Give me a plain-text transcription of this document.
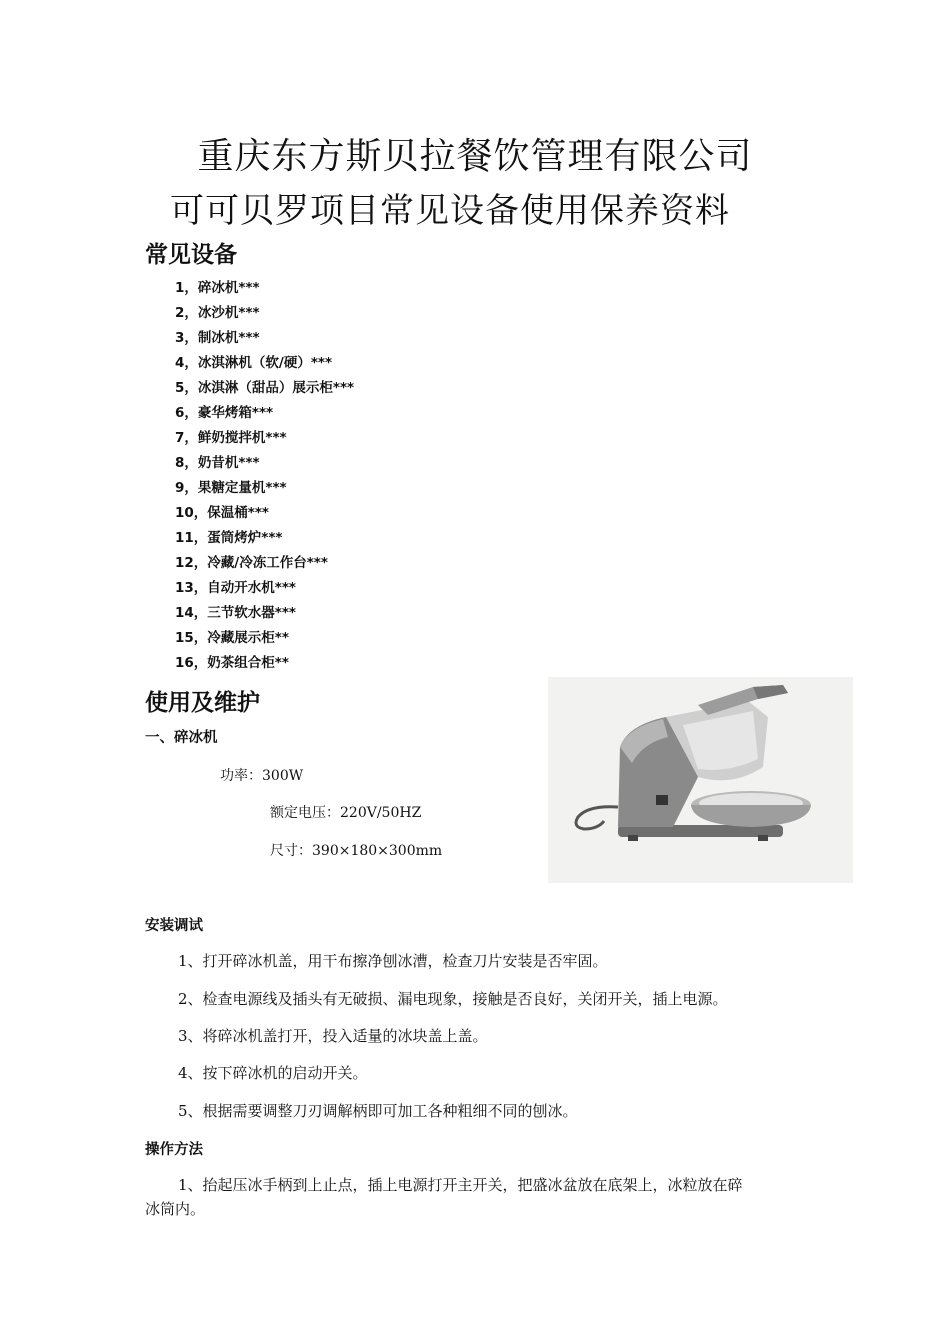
重庆东方斯贝拉餐饮管理有限公司
可可贝罗项目常见设备使用保养资料
常见设备
1，碎冰机***
2，冰沙机***
3，制冰机***
4，冰淇淋机（软/硬）***
5，冰淇淋（甜品）展示柜***
6，豪华烤箱***
7，鲜奶搅拌机***
8，奶昔机***
9，果糖定量机***
10，保温桶***
11，蛋筒烤炉***
12，冷藏/冷冻工作台***
13，自动开水机***
14，三节软水器***
15，冷藏展示柜**
16，奶茶组合柜**
使用及维护
一、碎冰机
功率：300W
额定电压：220V/50HZ
尺寸：390×180×300mm
安装调试
1、打开碎冰机盖，用干布擦净刨冰漕，检查刀片安装是否牢固。
2、检查电源线及插头有无破损、漏电现象，接触是否良好，关闭开关，插上电源。
3、将碎冰机盖打开，投入适量的冰块盖上盖。
4、按下碎冰机的启动开关。
5、根据需要调整刀刃调解柄即可加工各种粗细不同的刨冰。
操作方法
1、抬起压冰手柄到上止点，插上电源打开主开关，把盛冰盆放在底架上，冰粒放在碎
冰筒内。
